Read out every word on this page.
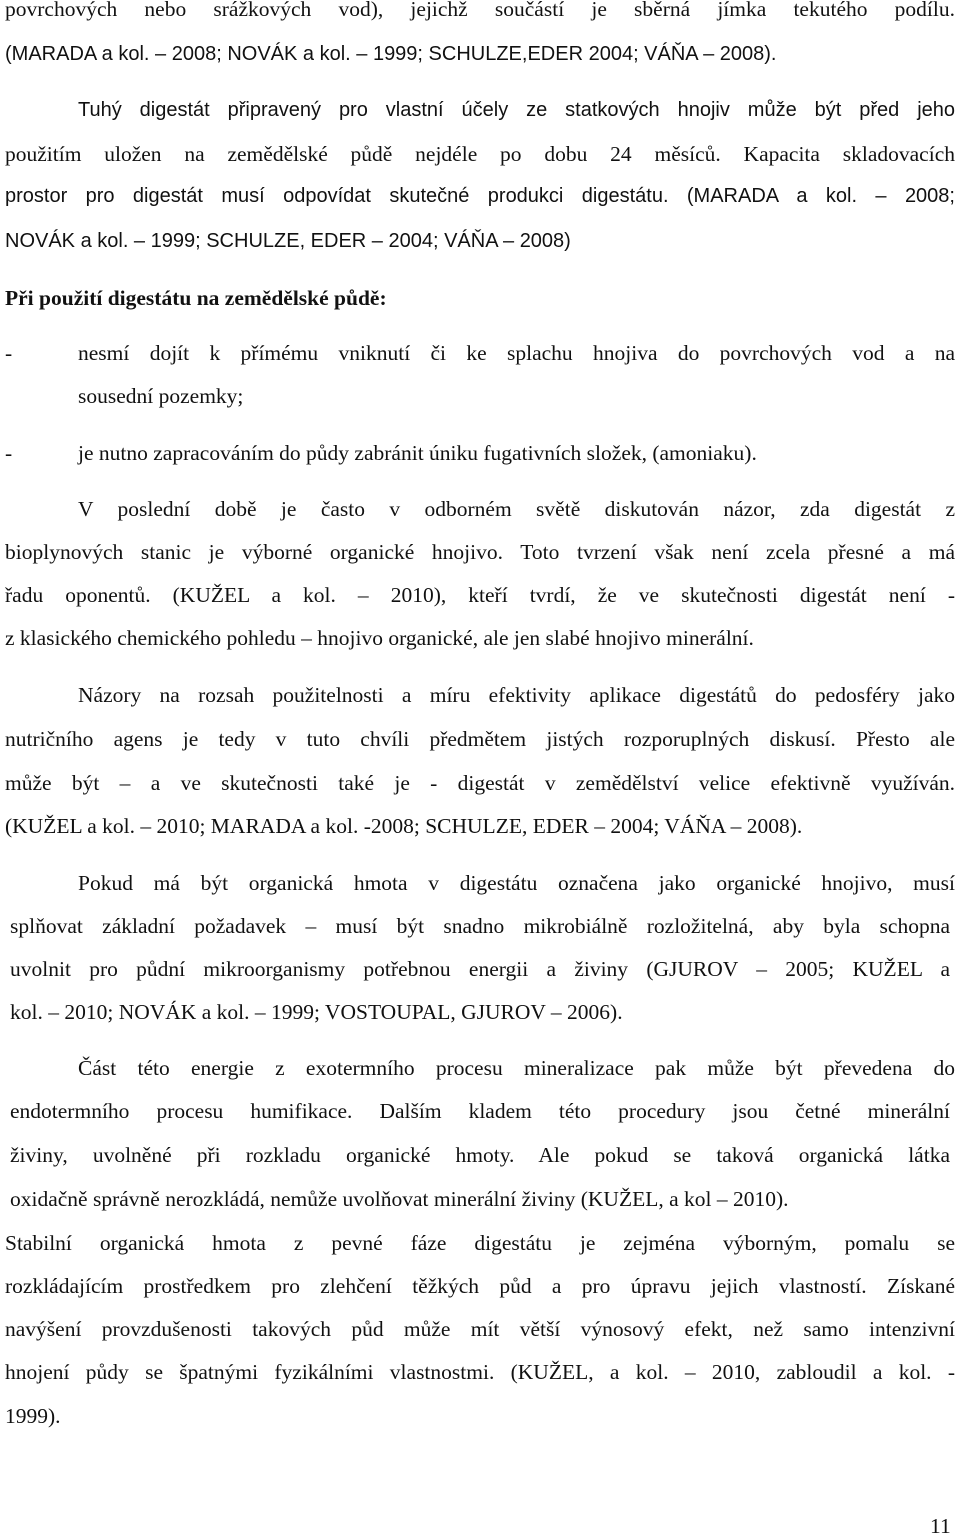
povrchových nebo srážkových vod), jejichž součástí je sběrná jímka tekutého podílu.
(MARADA a kol. – 2008; NOVÁK a kol. – 1999; SCHULZE,EDER 2004; VÁŇA – 2008).
Tuhý digestát připravený pro vlastní účely ze statkových hnojiv může být před jeho
použitím uložen na zemědělské půdě nejdéle po dobu 24 měsíců. Kapacita skladovacích
prostor pro digestát musí odpovídat skutečné produkci digestátu. (MARADA a kol. – 2008;
NOVÁK a kol. – 1999; SCHULZE, EDER – 2004; VÁŇA – 2008)
Při použití digestátu na zemědělské půdě:
-	nesmí dojít k přímému vniknutí či ke splachu hnojiva do povrchových vod a na
sousední pozemky;
-	je nutno zapracováním do půdy zabránit úniku fugativních složek, (amoniaku).
V poslední době je často v odborném světě diskutován názor, zda digestát z
bioplynových stanic je výborné organické hnojivo. Toto tvrzení však není zcela přesné a má
řadu oponentů. (KUŽEL a kol. – 2010), kteří tvrdí, že ve skutečnosti digestát není -
z klasického chemického pohledu – hnojivo organické, ale jen slabé hnojivo minerální.
Názory na rozsah použitelnosti a míru efektivity aplikace digestátů do pedosféry jako
nutričního agens je tedy v tuto chvíli předmětem jistých rozporuplných diskusí. Přesto ale
může být – a ve skutečnosti také je - digestát v zemědělství velice efektivně využíván.
(KUŽEL a kol. – 2010; MARADA a kol. -2008; SCHULZE, EDER – 2004; VÁŇA – 2008).
Pokud má být organická hmota v digestátu označena jako organické hnojivo, musí
splňovat základní požadavek – musí být snadno mikrobiálně rozložitelná, aby byla schopna
uvolnit pro půdní mikroorganismy potřebnou energii a živiny (GJUROV – 2005; KUŽEL a
kol. – 2010; NOVÁK a kol. – 1999; VOSTOUPAL, GJUROV – 2006).
Část této energie z exotermního procesu mineralizace pak může být převedena do
endotermního procesu humifikace. Dalším kladem této procedury jsou četné minerální
živiny, uvolněné při rozkladu organické hmoty. Ale pokud se taková organická látka
oxidačně správně nerozkládá, nemůže uvolňovat minerální živiny (KUŽEL, a kol – 2010).
Stabilní organická hmota z pevné fáze digestátu je zejména výborným, pomalu se
rozkládajícím prostředkem pro zlehčení těžkých půd a pro úpravu jejich vlastností. Získané
navýšení provzdušenosti takových půd může mít větší výnosový efekt, než samo intenzivní
hnojení půdy se špatnými fyzikálními vlastnostmi. (KUŽEL, a kol. – 2010, zabloudil a kol. -
1999).
11
